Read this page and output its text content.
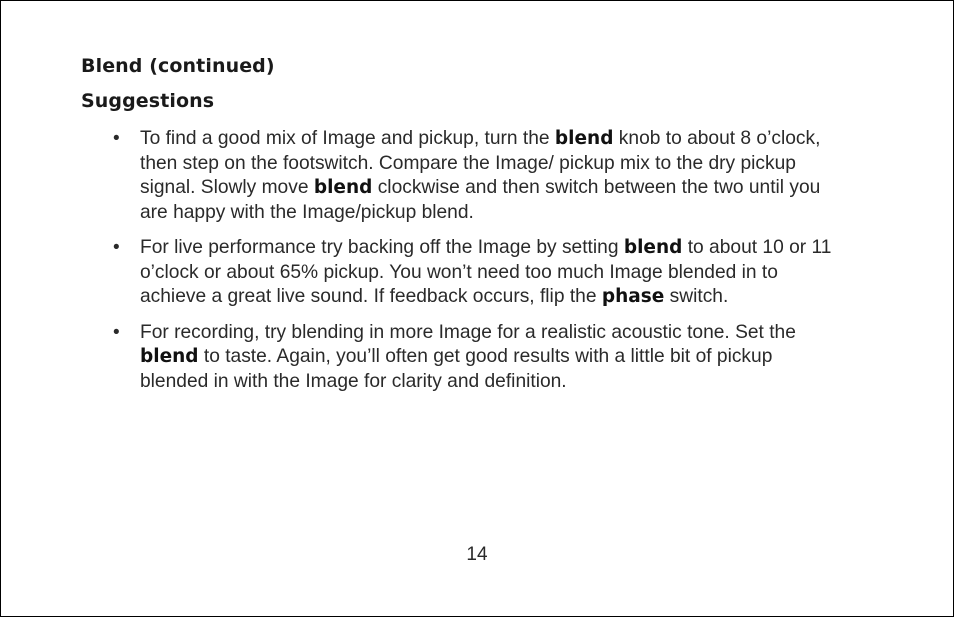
Blend (continued)
Suggestions
• To find a good mix of Image and pickup, turn the blend knob to about 8 o’clock, then step on the footswitch. Compare the Image/ pickup mix to the dry pickup signal. Slowly move blend clockwise and then switch between the two until you are happy with the Image/pickup blend.
• For live performance try backing off the Image by setting blend to about 10 or 11 o’clock or about 65% pickup. You won’t need too much Image blended in to achieve a great live sound. If feedback occurs, flip the phase switch.
• For recording, try blending in more Image for a realistic acoustic tone. Set the blend to taste. Again, you’ll often get good results with a little bit of pickup blended in with the Image for clarity and definition.
14
